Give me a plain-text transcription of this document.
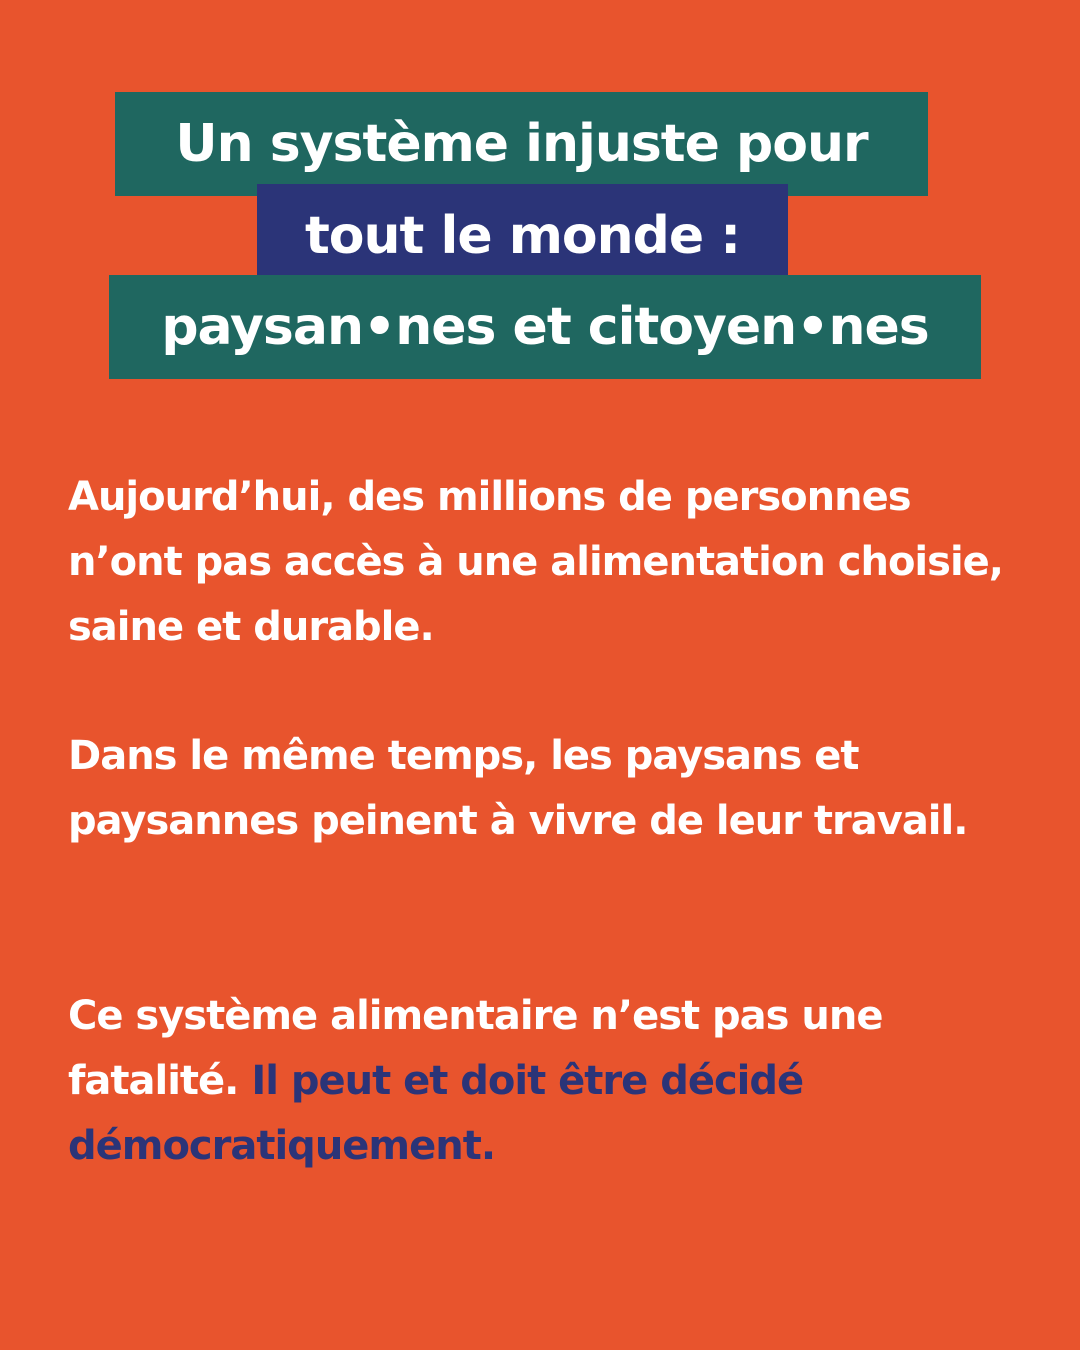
Un système injuste pour
tout le monde :
paysan•nes et citoyen•nes

Aujourd’hui, des millions de personnes n’ont pas accès à une alimentation choisie, saine et durable.

Dans le même temps, les paysans et paysannes peinent à vivre de leur travail.

Ce système alimentaire n’est pas une fatalité. Il peut et doit être décidé démocratiquement.
